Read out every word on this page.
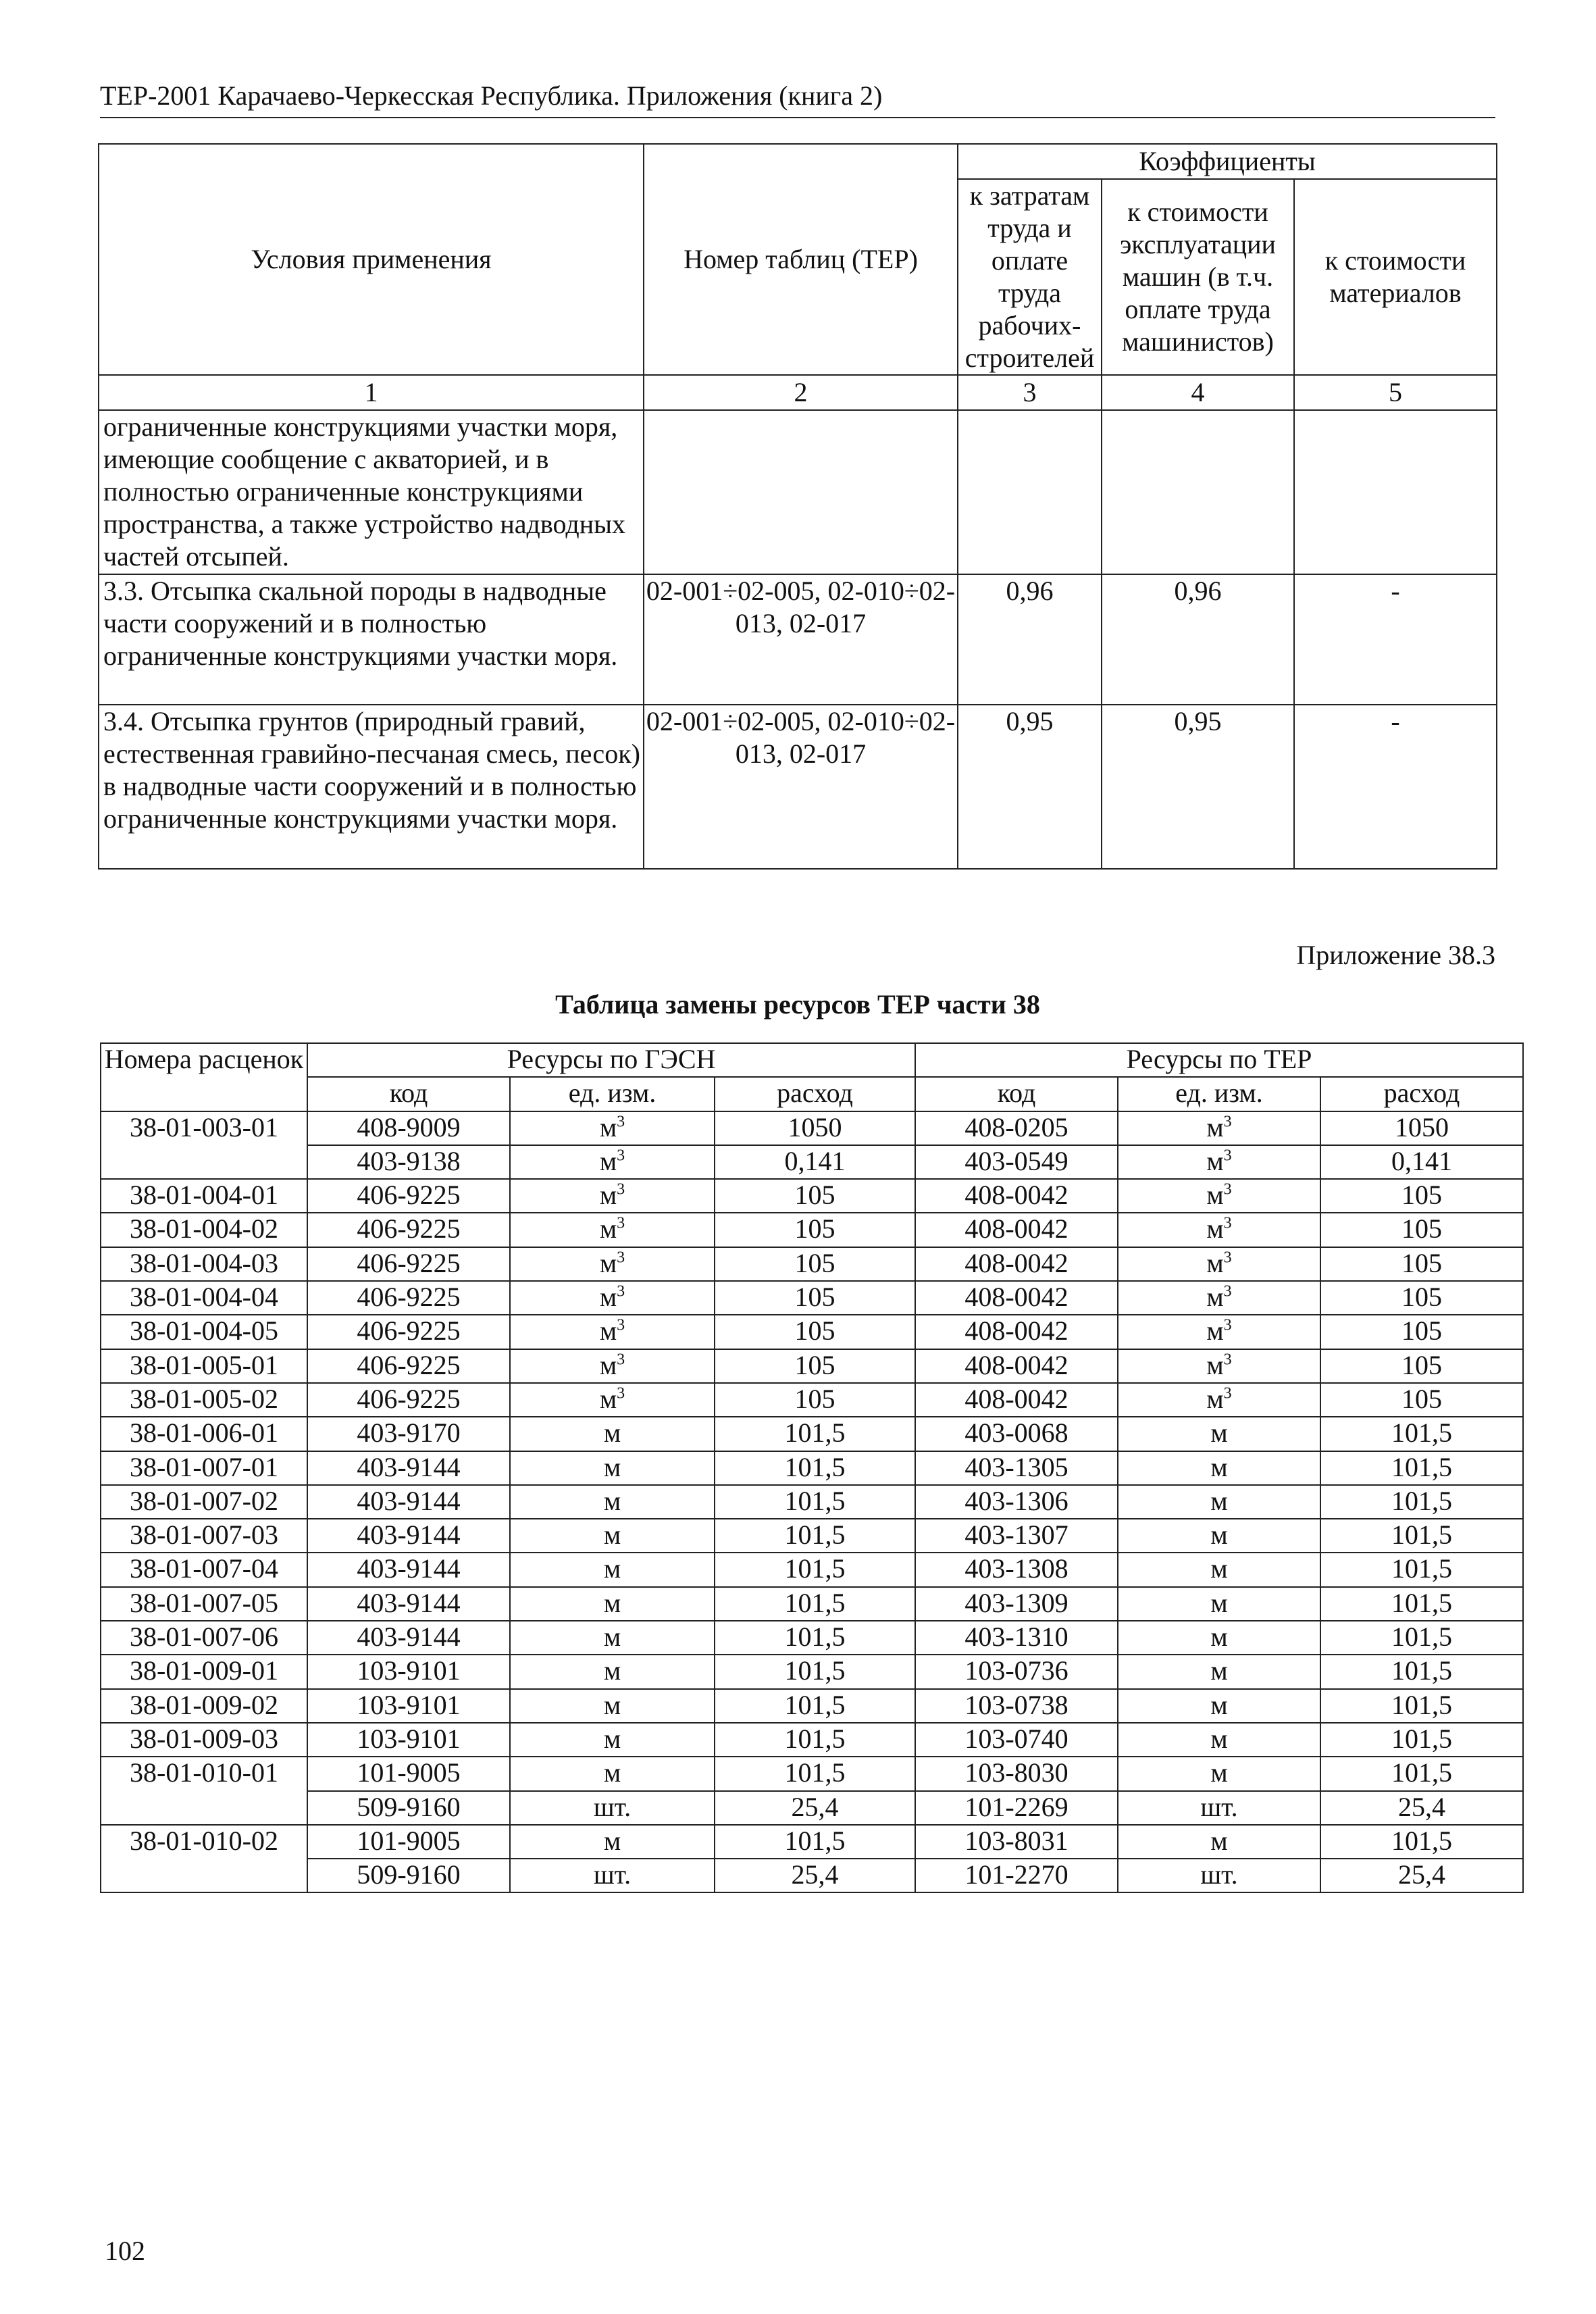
ТЕР-2001 Карачаево-Черкесская Республика. Приложения (книга 2)
Условия применения	Номер таблиц (ТЕР)	Коэффициенты		
		к затратам труда и оплате труда рабочих-строителей	к стоимости эксплуатации машин (в т.ч. оплате труда машинистов)	к стоимости материалов
1	2	3	4	5
ограниченные конструкциями участки моря, имеющие сообщение с акваторией, и в полностью ограниченные конструкциями пространства, а также устройство надводных частей отсыпей.				
3.3. Отсыпка скальной породы в надводные части сооружений и в полностью ограниченные конструкциями участки моря.	02-001÷02-005, 02-010÷02-013, 02-017	0,96	0,96	-
3.4. Отсыпка грунтов (природный гравий, естественная гравийно-песчаная смесь, песок) в надводные части сооружений и в полностью ограниченные конструкциями участки моря.	02-001÷02-005, 02-010÷02-013, 02-017	0,95	0,95	-
Приложение 38.3
Таблица замены ресурсов ТЕР части 38
Номера расценок	Ресурсы по ГЭСН			Ресурсы по ТЕР		
	код	ед. изм.	расход	код	ед. изм.	расход
38-01-003-01	408-9009	$м^3$	1050	408-0205	$м^3$	1050
	403-9138	$м^3$	0,141	403-0549	$м^3$	0,141
38-01-004-01	406-9225	$м^3$	105	408-0042	$м^3$	105
38-01-004-02	406-9225	$м^3$	105	408-0042	$м^3$	105
38-01-004-03	406-9225	$м^3$	105	408-0042	$м^3$	105
38-01-004-04	406-9225	$м^3$	105	408-0042	$м^3$	105
38-01-004-05	406-9225	$м^3$	105	408-0042	$м^3$	105
38-01-005-01	406-9225	$м^3$	105	408-0042	$м^3$	105
38-01-005-02	406-9225	$м^3$	105	408-0042	$м^3$	105
38-01-006-01	403-9170	м	101,5	403-0068	м	101,5
38-01-007-01	403-9144	м	101,5	403-1305	м	101,5
38-01-007-02	403-9144	м	101,5	403-1306	м	101,5
38-01-007-03	403-9144	м	101,5	403-1307	м	101,5
38-01-007-04	403-9144	м	101,5	403-1308	м	101,5
38-01-007-05	403-9144	м	101,5	403-1309	м	101,5
38-01-007-06	403-9144	м	101,5	403-1310	м	101,5
38-01-009-01	103-9101	м	101,5	103-0736	м	101,5
38-01-009-02	103-9101	м	101,5	103-0738	м	101,5
38-01-009-03	103-9101	м	101,5	103-0740	м	101,5
38-01-010-01	101-9005	м	101,5	103-8030	м	101,5
	509-9160	шт.	25,4	101-2269	шт.	25,4
38-01-010-02	101-9005	м	101,5	103-8031	м	101,5
	509-9160	шт.	25,4	101-2270	шт.	25,4
102
